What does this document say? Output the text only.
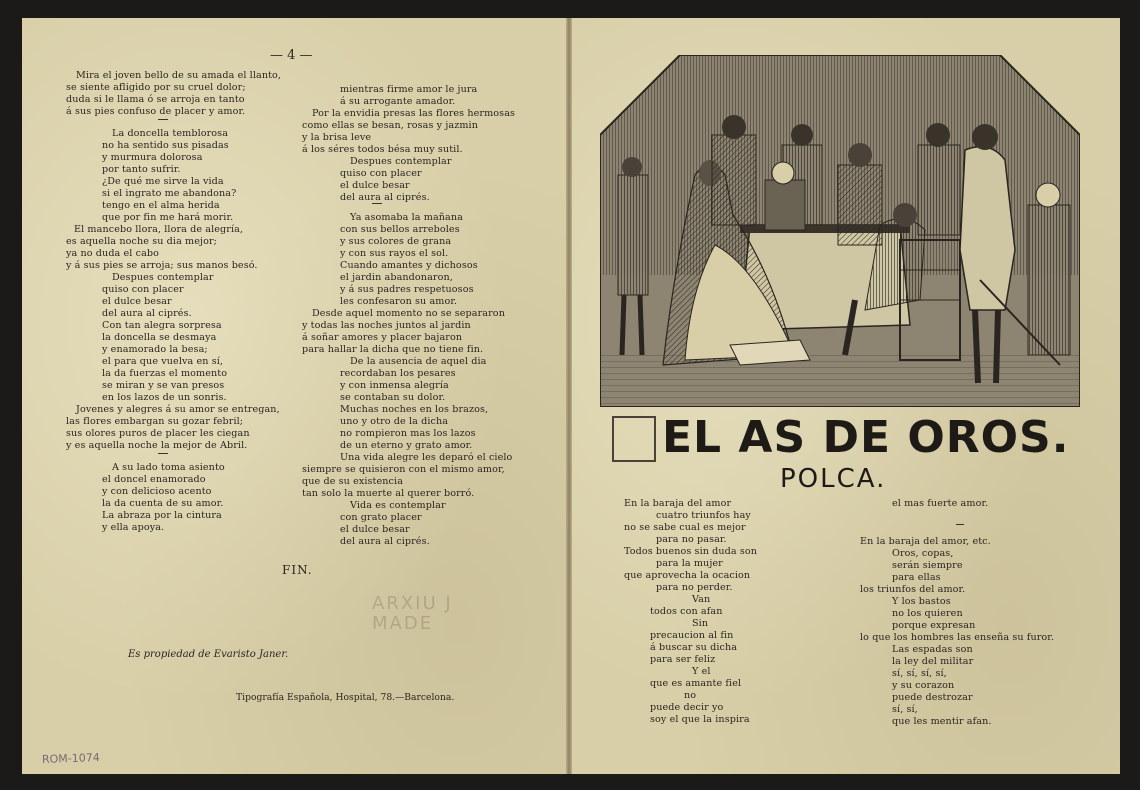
— 4 —
Mira el joven bello de su amada el llanto,
se siente afligido por su cruel dolor;
duda si le llama ó se arroja en tanto
á sus pies confuso de placer y amor.
La doncella temblorosa
no ha sentido sus pisadas
y murmura dolorosa
por tanto sufrir.
¿De qué me sirve la vida
si el ingrato me abandona?
tengo en el alma herida
que por fin me hará morir.
El mancebo llora, llora de alegría,
es aquella noche su dia mejor;
ya no duda el cabo
y á sus pies se arroja; sus manos besó.
Despues contemplar
quiso con placer
el dulce besar
del aura al ciprés.
Con tan alegra sorpresa
la doncella se desmaya
y enamorado la besa;
el para que vuelva en sí,
la da fuerzas el momento
se miran y se van presos
en los lazos de un sonris.
Jovenes y alegres á su amor se entregan,
las flores embargan su gozar febril;
sus olores puros de placer les ciegan
y es aquella noche la mejor de Abril.
A su lado toma asiento
el doncel enamorado
y con delicioso acento
la da cuenta de su amor.
La abraza por la cintura
y ella apoya.
mientras firme amor le jura
á su arrogante amador.
Por la envidia presas las flores hermosas
como ellas se besan, rosas y jazmin
y la brisa leve
á los séres todos bésa muy sutil.
Despues contemplar
quiso con placer
el dulce besar
del aura al ciprés.
Ya asomaba la mañana
con sus bellos arreboles
y sus colores de grana
y con sus rayos el sol.
Cuando amantes y dichosos
el jardin abandonaron,
y á sus padres respetuosos
les confesaron su amor.
Desde aquel momento no se separaron
y todas las noches juntos al jardin
á soñar amores y placer bajaron
para hallar la dicha que no tiene fin.
De la ausencia de aquel dia
recordaban los pesares
y con inmensa alegría
se contaban su dolor.
Muchas noches en los brazos,
uno y otro de la dicha
no rompieron mas los lazos
de un eterno y grato amor.
Una vida alegre les deparó el cielo
siempre se quisieron con el mismo amor,
que de su existencia
tan solo la muerte al querer borró.
Vida es contemplar
con grato placer
el dulce besar
del aura al ciprés.
FIN.
ARXIU J
MADE
Es propiedad de Evaristo Janer.
Tipografía Española, Hospital, 78.—Barcelona.
ROM-1074
EL AS DE OROS.
POLCA.
En la baraja del amor
cuatro triunfos hay
no se sabe cual es mejor
para no pasar.
Todos buenos sin duda son
para la mujer
que aprovecha la ocacion
para no perder.
Van
todos con afan
Sin
precaucion al fin
á buscar su dicha
para ser feliz
Y el
que es amante fiel
no
puede decir yo
soy el que la inspira
el mas fuerte amor.
En la baraja del amor, etc.
Oros, copas,
serán siempre
para ellas
los triunfos del amor.
Y los bastos
no los quieren
porque expresan
lo que los hombres las enseña su furor.
Las espadas son
la ley del militar
sí, sí, sí, sí,
y su corazon
puede destrozar
sí, sí,
que les mentir afan.
